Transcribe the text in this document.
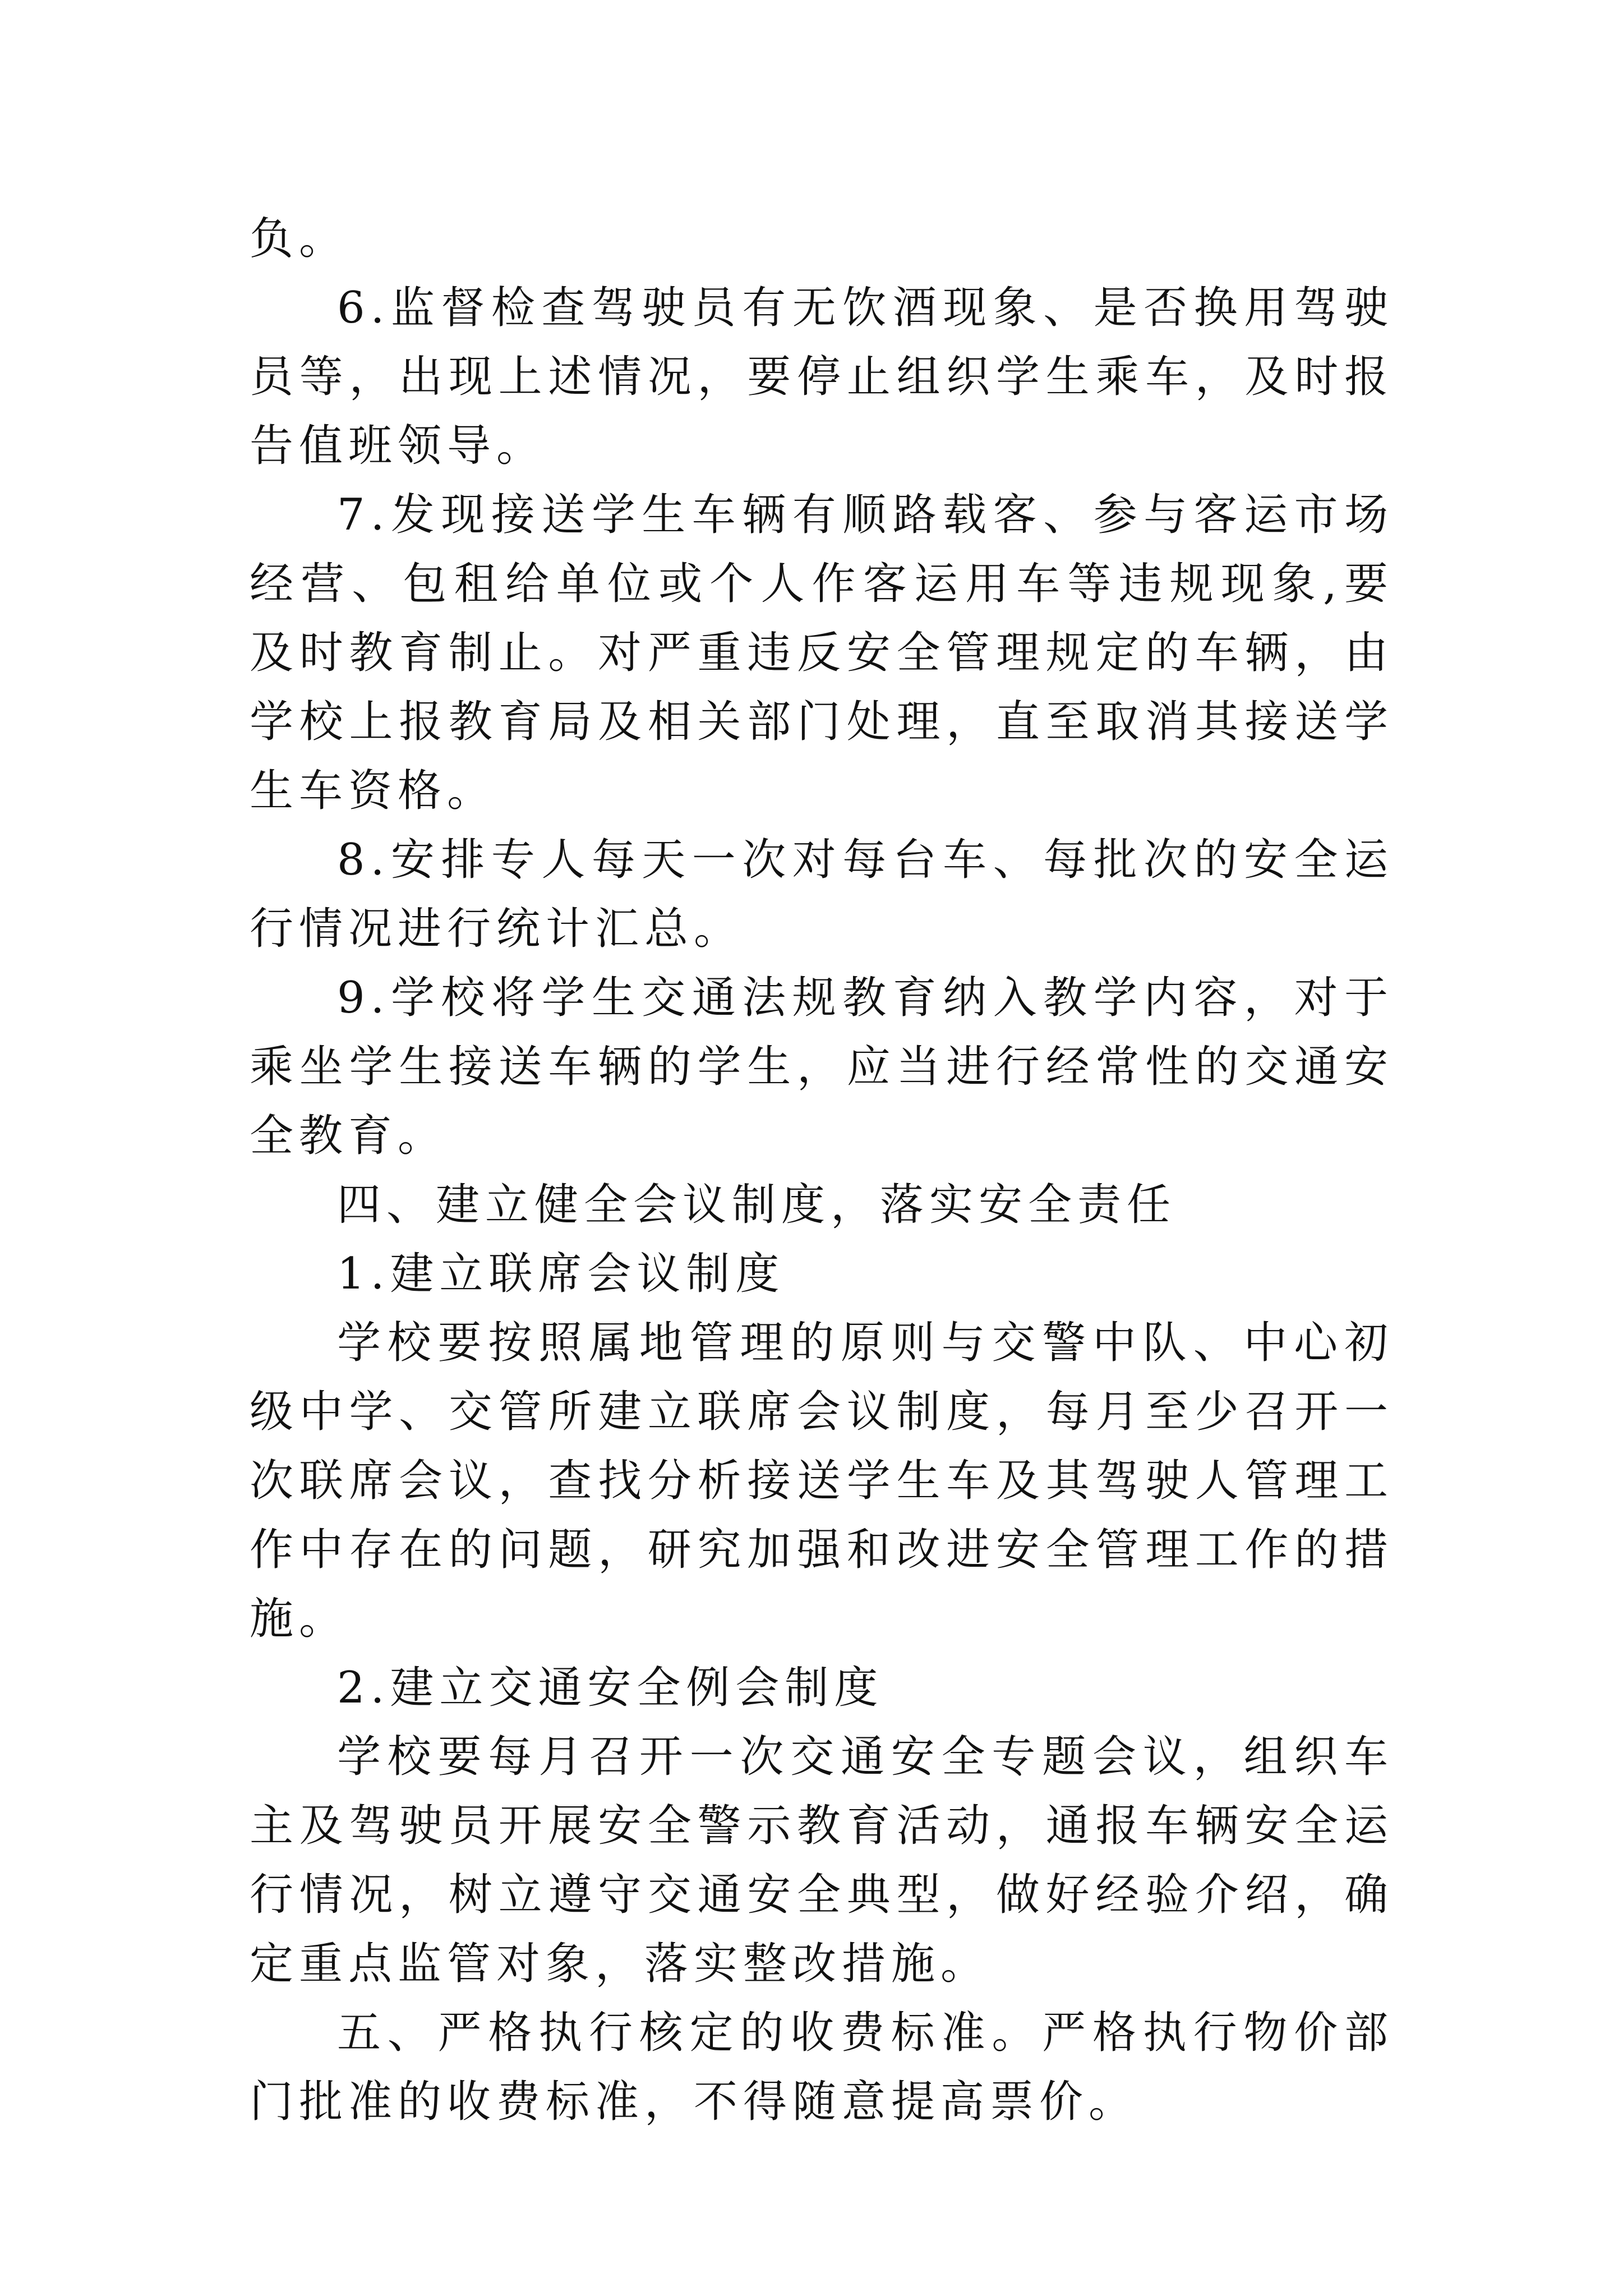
负。

6.监督检查驾驶员有无饮酒现象、是否换用驾驶员等，出现上述情况，要停止组织学生乘车，及时报告值班领导。

7.发现接送学生车辆有顺路载客、参与客运市场经营、包租给单位或个人作客运用车等违规现象,要及时教育制止。对严重违反安全管理规定的车辆，由学校上报教育局及相关部门处理，直至取消其接送学生车资格。

8.安排专人每天一次对每台车、每批次的安全运行情况进行统计汇总。

9.学校将学生交通法规教育纳入教学内容，对于乘坐学生接送车辆的学生，应当进行经常性的交通安全教育。

四、建立健全会议制度，落实安全责任

1.建立联席会议制度

学校要按照属地管理的原则与交警中队、中心初级中学、交管所建立联席会议制度，每月至少召开一次联席会议，查找分析接送学生车及其驾驶人管理工作中存在的问题，研究加强和改进安全管理工作的措施。

2.建立交通安全例会制度

学校要每月召开一次交通安全专题会议，组织车主及驾驶员开展安全警示教育活动，通报车辆安全运行情况，树立遵守交通安全典型，做好经验介绍，确定重点监管对象，落实整改措施。

五、严格执行核定的收费标准。严格执行物价部门批准的收费标准，不得随意提高票价。
